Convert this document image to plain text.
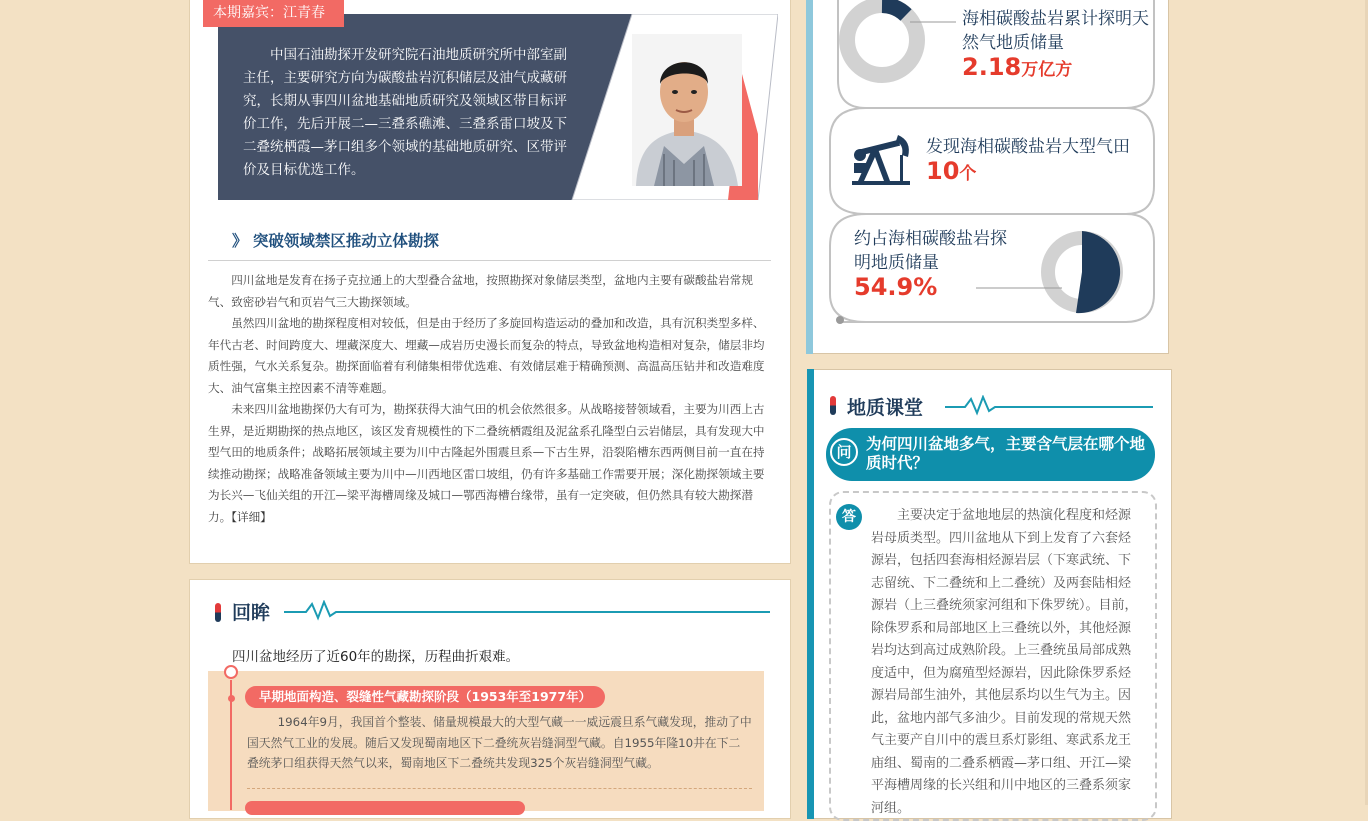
本期嘉宾：江青春
中国石油勘探开发研究院石油地质研究所中部室副主任，主要研究方向为碳酸盐岩沉积储层及油气成藏研究，长期从事四川盆地基础地质研究及领域区带目标评价工作，先后开展二—三叠系礁滩、三叠系雷口坡及下二叠统栖霞—茅口组多个领域的基础地质研究、区带评价及目标优选工作。
》 突破领域禁区推动立体勘探

四川盆地是发育在扬子克拉通上的大型叠合盆地，按照勘探对象储层类型，盆地内主要有碳酸盐岩常规气、致密砂岩气和页岩气三大勘探领域。

虽然四川盆地的勘探程度相对较低，但是由于经历了多旋回构造运动的叠加和改造，具有沉积类型多样、年代古老、时间跨度大、埋藏深度大、埋藏—成岩历史漫长而复杂的特点，导致盆地构造相对复杂，储层非均质性强，气水关系复杂。勘探面临着有利储集相带优选难、有效储层难于精确预测、高温高压钻井和改造难度大、油气富集主控因素不清等难题。

未来四川盆地勘探仍大有可为，勘探获得大油气田的机会依然很多。从战略接替领域看，主要为川西上古生界，是近期勘探的热点地区，该区发育规模性的下二叠统栖霞组及泥盆系孔隆型白云岩储层，具有发现大中型气田的地质条件；战略拓展领域主要为川中古隆起外围震旦系—下古生界，沿裂陷槽东西两侧目前一直在持续推动勘探；战略准备领域主要为川中—川西地区雷口坡组，仍有许多基础工作需要开展；深化勘探领域主要为长兴—飞仙关组的开江—梁平海槽周缘及城口—鄂西海槽台缘带，虽有一定突破，但仍然具有较大勘探潜力。【详细】

回眸
四川盆地经历了近60年的勘探，历程曲折艰难。
早期地面构造、裂缝性气藏勘探阶段（1953年至1977年）
1964年9月，我国首个整装、储量规模最大的大型气藏一一威远震旦系气藏发现，推动了中国天然气工业的发展。随后又发现蜀南地区下二叠统灰岩缝洞型气藏。自1955年隆10井在下二叠统茅口组获得天然气以来，蜀南地区下二叠统共发现325个灰岩缝洞型气藏。
海相碳酸盐岩累计探明天然气地质储量
2.18万亿方
发现海相碳酸盐岩大型气田
10个
约占海相碳酸盐岩探明地质储量
54.9%
地质课堂
问 为何四川盆地多气，主要含气层在哪个地质时代？
答	主要决定于盆地地层的热演化程度和烃源岩母质类型。四川盆地从下到上发育了六套烃源岩，包括四套海相烃源岩层（下寒武统、下志留统、下二叠统和上二叠统）及两套陆相烃源岩（上三叠统须家河组和下侏罗统）。目前，除侏罗系和局部地区上三叠统以外，其他烃源岩均达到高过成熟阶段。上三叠统虽局部成熟度适中，但为腐殖型烃源岩，因此除侏罗系烃源岩局部生油外，其他层系均以生气为主。因此，盆地内部气多油少。目前发现的常规天然气主要产自川中的震旦系灯影组、寒武系龙王庙组、蜀南的二叠系栖霞—茅口组、开江—梁平海槽周缘的长兴组和川中地区的三叠系须家河组。
